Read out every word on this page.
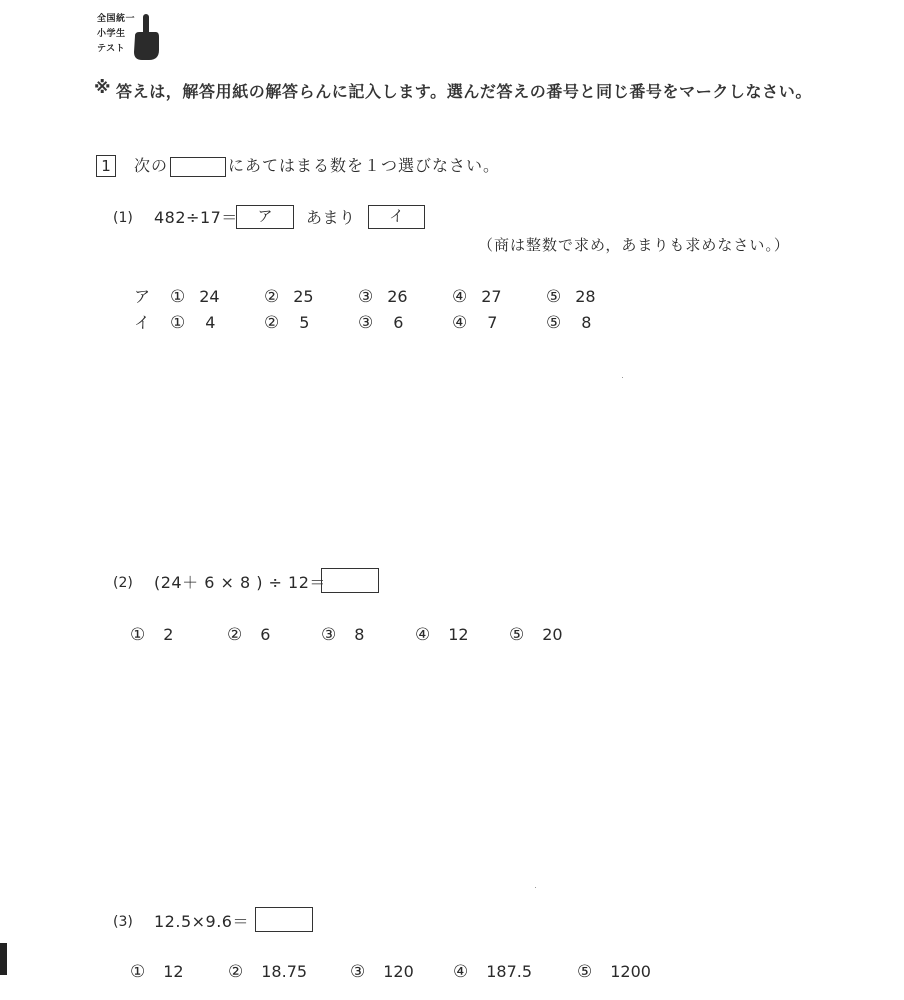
全国統一
小学生
テスト
※ 答えは，解答用紙の解答らんに記入します。選んだ答えの番号と同じ番号をマークしなさい。
1	次の	にあてはまる数を１つ選びなさい。
(1) 482÷17＝	ア	あまり	イ
（商は整数で求め，あまりも求めなさい。）
ア ① 24	② 25	③ 26	④ 27	⑤ 28
イ ① 4	② 5	③ 6	④ 7	⑤ 8
(2) (24＋ 6 × 8 ) ÷ 12＝
① 2	② 6	③ 8	④ 12 ⑤ 20
(3) 12.5×9.6＝
① 12	② 18.75	③ 120 ④ 187.5	⑤ 1200
